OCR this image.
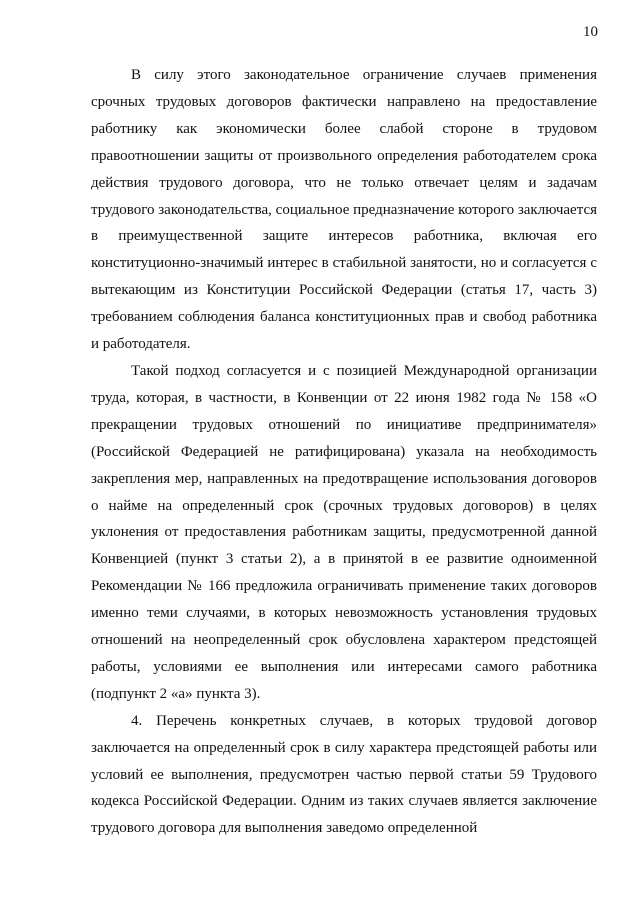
10

В силу этого законодательное ограничение случаев применения срочных трудовых договоров фактически направлено на предоставление работнику как экономически более слабой стороне в трудовом правоотношении защиты от произвольного определения работодателем срока действия трудового договора, что не только отвечает целям и задачам трудового законодательства, социальное предназначение которого заключается в преимущественной защите интересов работника, включая его конституционно-значимый интерес в стабильной занятости, но и согласуется с вытекающим из Конституции Российской Федерации (статья 17, часть 3) требованием соблюдения баланса конституционных прав и свобод работника и работодателя.

Такой подход согласуется и с позицией Международной организации труда, которая, в частности, в Конвенции от 22 июня 1982 года № 158 «О прекращении трудовых отношений по инициативе предпринимателя» (Российской Федерацией не ратифицирована) указала на необходимость закрепления мер, направленных на предотвращение использования договоров о найме на определенный срок (срочных трудовых договоров) в целях уклонения от предоставления работникам защиты, предусмотренной данной Конвенцией (пункт 3 статьи 2), а в принятой в ее развитие одноименной Рекомендации № 166 предложила ограничивать применение таких договоров именно теми случаями, в которых невозможность установления трудовых отношений на неопределенный срок обусловлена характером предстоящей работы, условиями ее выполнения или интересами самого работника (подпункт 2 «а» пункта 3).

4. Перечень конкретных случаев, в которых трудовой договор заключается на определенный срок в силу характера предстоящей работы или условий ее выполнения, предусмотрен частью первой статьи 59 Трудового кодекса Российской Федерации. Одним из таких случаев является заключение трудового договора для выполнения заведомо определенной
